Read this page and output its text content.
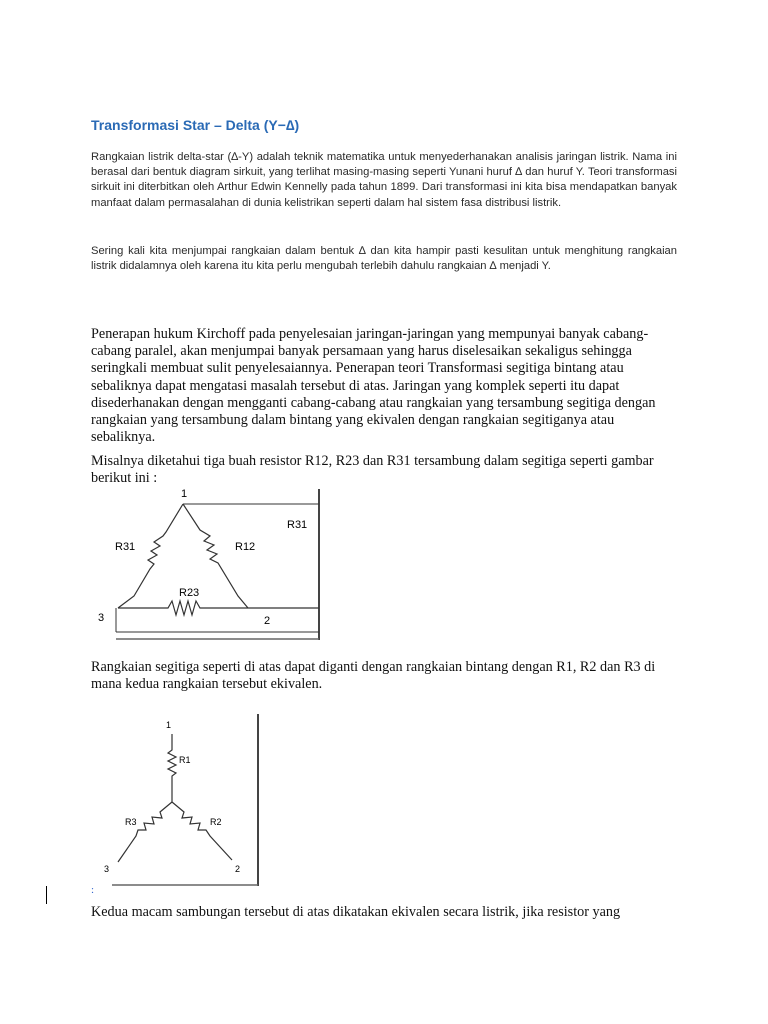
Transformasi Star – Delta (Y−∆)

Rangkaian listrik delta-star (∆-Y) adalah teknik matematika untuk menyederhanakan analisis jaringan listrik. Nama ini berasal dari bentuk diagram sirkuit, yang terlihat masing-masing seperti Yunani huruf ∆ dan huruf Y. Teori transformasi sirkuit ini diterbitkan oleh Arthur Edwin Kennelly pada tahun 1899. Dari transformasi ini kita bisa mendapatkan banyak manfaat dalam permasalahan di dunia kelistrikan seperti dalam hal sistem fasa distribusi listrik.

Sering kali kita menjumpai rangkaian dalam bentuk ∆ dan kita hampir pasti kesulitan untuk menghitung rangkaian listrik didalamnya oleh karena itu kita perlu mengubah terlebih dahulu rangkaian ∆ menjadi Y.

Penerapan hukum Kirchoff pada penyelesaian jaringan-jaringan yang mempunyai banyak cabang-cabang paralel, akan menjumpai banyak persamaan yang harus diselesaikan sekaligus sehingga seringkali membuat sulit penyelesaiannya. Penerapan teori Transformasi segitiga bintang atau sebaliknya dapat mengatasi masalah tersebut di atas. Jaringan yang komplek seperti itu dapat disederhanakan dengan mengganti cabang-cabang atau rangkaian yang tersambung segitiga dengan rangkaian yang tersambung dalam bintang yang ekivalen dengan rangkaian segitiganya atau sebaliknya.

Misalnya diketahui tiga buah resistor R12, R23 dan R31 tersambung dalam segitiga seperti gambar berikut ini :

1
R31
R31	R12
R23
3	2

Rangkaian segitiga seperti di atas dapat diganti dengan rangkaian bintang dengan R1, R2 dan R3 di mana kedua rangkaian tersebut ekivalen.

1
R1
R3	R2
3	2
:

Kedua macam sambungan tersebut di atas dikatakan ekivalen secara listrik, jika resistor yang
